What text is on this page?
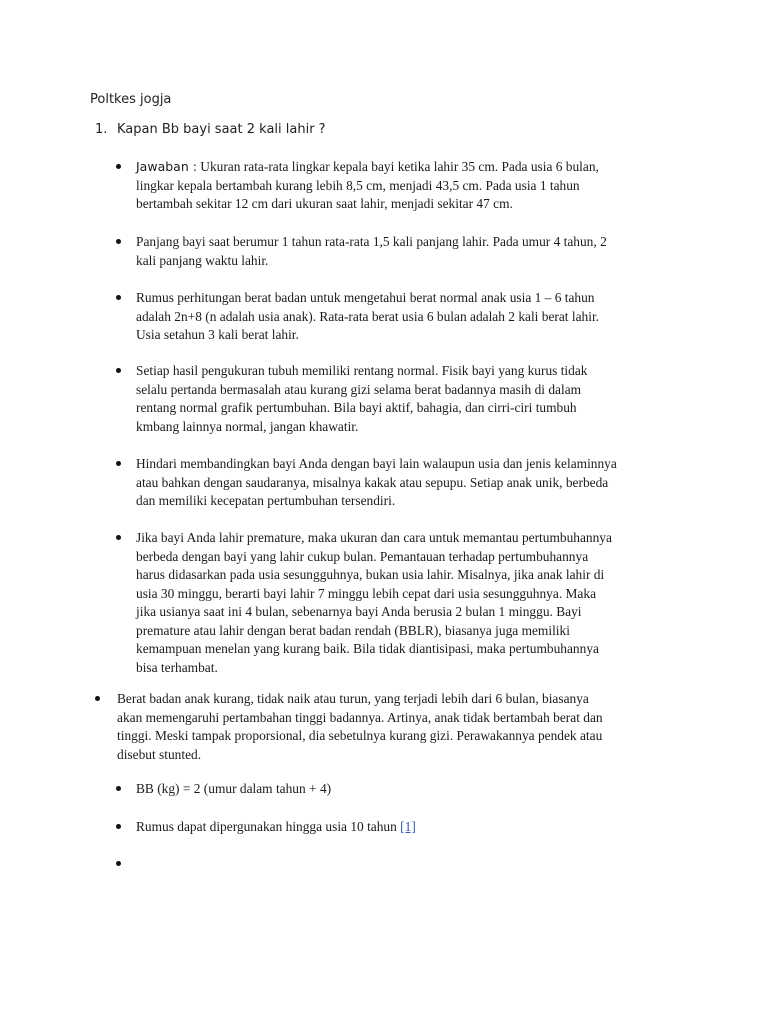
Poltkes jogja
1. Kapan Bb bayi saat 2 kali lahir ?
Jawaban : Ukuran rata-rata lingkar kepala bayi ketika lahir 35 cm. Pada usia 6 bulan,
lingkar kepala bertambah kurang lebih 8,5 cm, menjadi 43,5 cm. Pada usia 1 tahun
bertambah sekitar 12 cm dari ukuran saat lahir, menjadi sekitar 47 cm.
Panjang bayi saat berumur 1 tahun rata-rata 1,5 kali panjang lahir. Pada umur 4 tahun, 2
kali panjang waktu lahir.
Rumus perhitungan berat badan untuk mengetahui berat normal anak usia 1 – 6 tahun
adalah 2n+8 (n adalah usia anak). Rata-rata berat usia 6 bulan adalah 2 kali berat lahir.
Usia setahun 3 kali berat lahir.
Setiap hasil pengukuran tubuh memiliki rentang normal. Fisik bayi yang kurus tidak
selalu pertanda bermasalah atau kurang gizi selama berat badannya masih di dalam
rentang normal grafik pertumbuhan. Bila bayi aktif, bahagia, dan cirri-ciri tumbuh
kmbang lainnya normal, jangan khawatir.
Hindari membandingkan bayi Anda dengan bayi lain walaupun usia dan jenis kelaminnya
atau bahkan dengan saudaranya, misalnya kakak atau sepupu. Setiap anak unik, berbeda
dan memiliki kecepatan pertumbuhan tersendiri.
Jika bayi Anda lahir premature, maka ukuran dan cara untuk memantau pertumbuhannya
berbeda dengan bayi yang lahir cukup bulan. Pemantauan terhadap pertumbuhannya
harus didasarkan pada usia sesungguhnya, bukan usia lahir. Misalnya, jika anak lahir di
usia 30 minggu, berarti bayi lahir 7 minggu lebih cepat dari usia sesungguhnya. Maka
jika usianya saat ini 4 bulan, sebenarnya bayi Anda berusia 2 bulan 1 minggu. Bayi
premature atau lahir dengan berat badan rendah (BBLR), biasanya juga memiliki
kemampuan menelan yang kurang baik. Bila tidak diantisipasi, maka pertumbuhannya
bisa terhambat.
Berat badan anak kurang, tidak naik atau turun, yang terjadi lebih dari 6 bulan, biasanya
akan memengaruhi pertambahan tinggi badannya. Artinya, anak tidak bertambah berat dan
tinggi. Meski tampak proporsional, dia sebetulnya kurang gizi. Perawakannya pendek atau
disebut stunted.
BB (kg) = 2 (umur dalam tahun + 4)
Rumus dapat dipergunakan hingga usia 10 tahun [1]
